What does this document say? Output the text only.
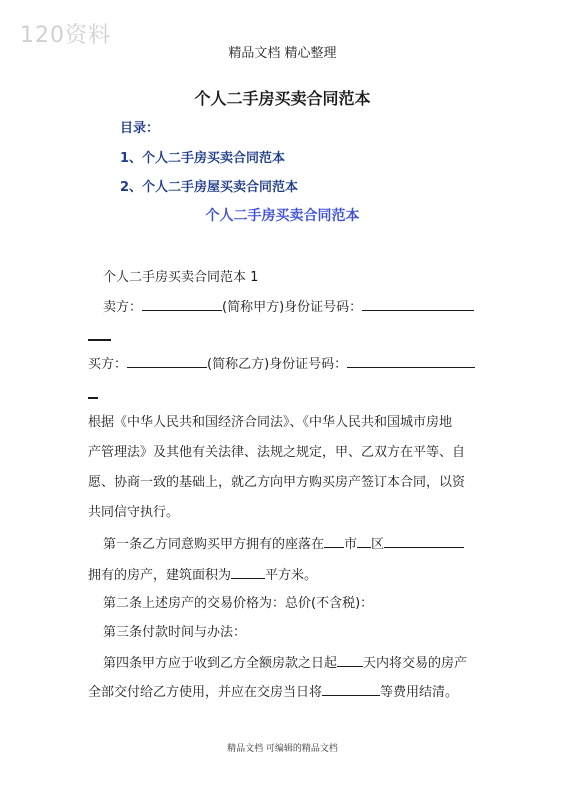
120资料
精品文档 精心整理
个人二手房买卖合同范本
目录：
1、个人二手房买卖合同范本
2、个人二手房屋买卖合同范本
个人二手房买卖合同范本
个人二手房买卖合同范本 1
卖方：	(简称甲方)身份证号码：
买方：	(简称乙方)身份证号码：
根据《中华人民共和国经济合同法》、《中华人民共和国城市房地
产管理法》及其他有关法律、法规之规定，甲、乙双方在平等、自
愿、协商一致的基础上，就乙方向甲方购买房产签订本合同，以资
共同信守执行。
第一条乙方同意购买甲方拥有的座落在 市 区
拥有的房产，建筑面积为	平方米。
第二条上述房产的交易价格为：总价(不含税)：
第三条付款时间与办法：
第四条甲方应于收到乙方全额房款之日起 天内将交易的房产
全部交付给乙方使用，并应在交房当日将	等费用结清。
精品文档 可编辑的精品文档
